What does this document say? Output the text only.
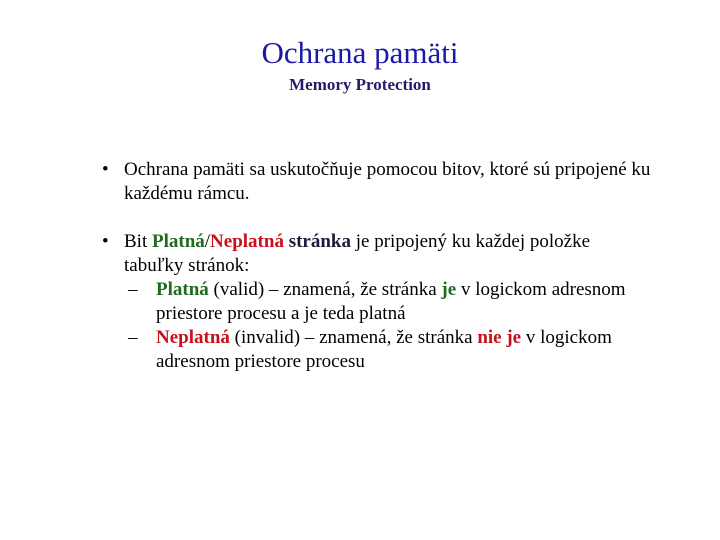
Ochrana pamäti
Memory Protection
• Ochrana pamäti sa uskutočňuje pomocou bitov, ktoré sú pripojené ku každému rámcu.
• Bit Platná/Neplatná stránka je pripojený ku každej položke tabuľky stránok:
– Platná (valid) – znamená, že stránka je v logickom adresnom priestore procesu a je teda platná
– Neplatná (invalid) – znamená, že stránka nie je v logickom adresnom priestore procesu
